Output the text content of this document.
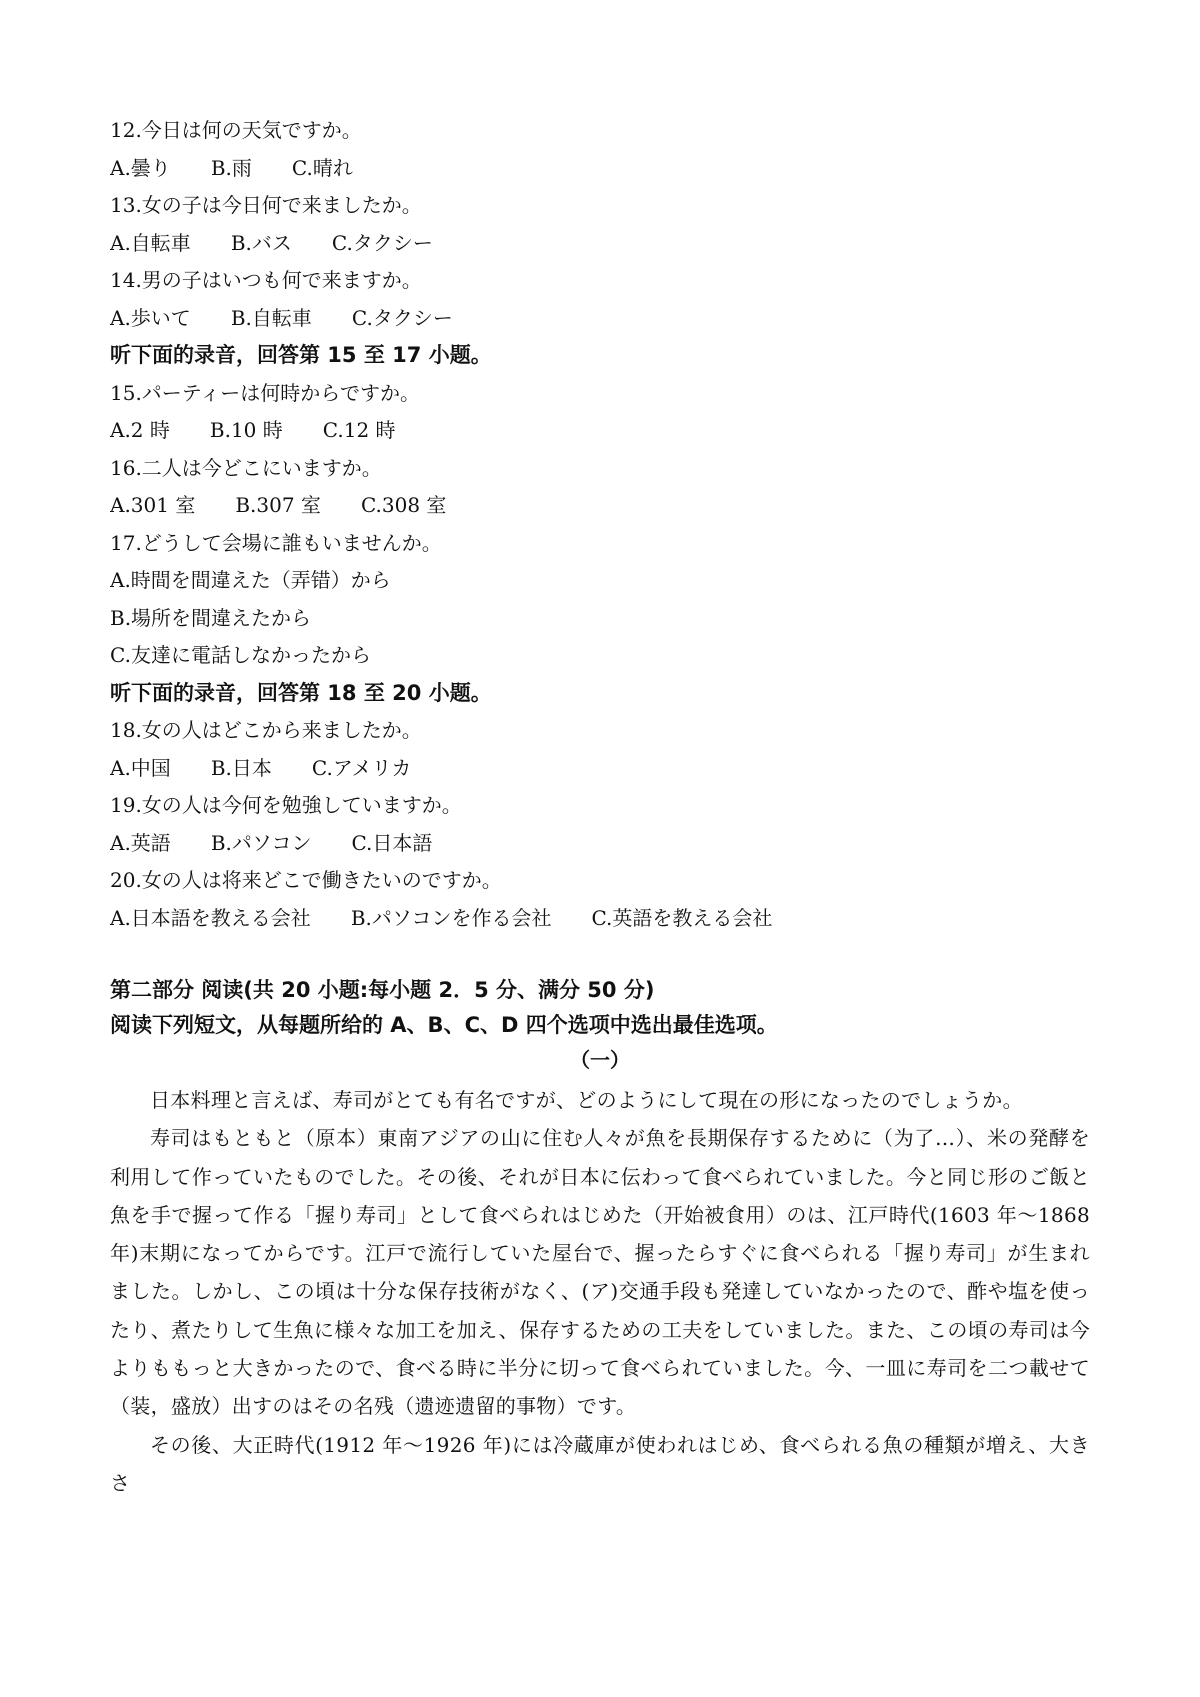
12.今日は何の天気ですか。
A.曇り B.雨 C.晴れ
13.女の子は今日何で来ましたか。
A.自転車 B.バス C.タクシー
14.男の子はいつも何で来ますか。
A.歩いて B.自転車 C.タクシー
听下面的录音，回答第 15 至 17 小题。
15.パーティーは何時からですか。
A.2 時 B.10 時 C.12 時
16.二人は今どこにいますか。
A.301 室 B.307 室 C.308 室
17.どうして会場に誰もいませんか。
A.時間を間違えた（弄错）から
B.場所を間違えたから
C.友達に電話しなかったから
听下面的录音，回答第 18 至 20 小题。
18.女の人はどこから来ましたか。
A.中国 B.日本 C.アメリカ
19.女の人は今何を勉強していますか。
A.英語 B.パソコン C.日本語
20.女の人は将来どこで働きたいのですか。
A.日本語を教える会社 B.パソコンを作る会社 C.英語を教える会社
第二部分 阅读(共 20 小题:每小题 2．5 分、满分 50 分)
阅读下列短文，从每题所给的 A、B、C、D 四个选项中选出最佳选项。
（一）

日本料理と言えば、寿司がとても有名ですが、どのようにして現在の形になったのでしょうか。

寿司はもともと（原本）東南アジアの山に住む人々が魚を長期保存するために（为了…）、米の発酵を利用して作っていたものでした。その後、それが日本に伝わって食べられていました。今と同じ形のご飯と魚を手で握って作る「握り寿司」として食べられはじめた（开始被食用）のは、江戸時代(1603 年～1868 年)末期になってからです。江戸で流行していた屋台で、握ったらすぐに食べられる「握り寿司」が生まれました。しかし、この頃は十分な保存技術がなく、(ア)交通手段も発達していなかったので、酢や塩を使ったり、煮たりして生魚に様々な加工を加え、保存するための工夫をしていました。また、この頃の寿司は今よりももっと大きかったので、食べる時に半分に切って食べられていました。今、一皿に寿司を二つ載せて（装，盛放）出すのはその名残（遗迹遗留的事物）です。

その後、大正時代(1912 年～1926 年)には冷蔵庫が使われはじめ、食べられる魚の種類が増え、大きさ
